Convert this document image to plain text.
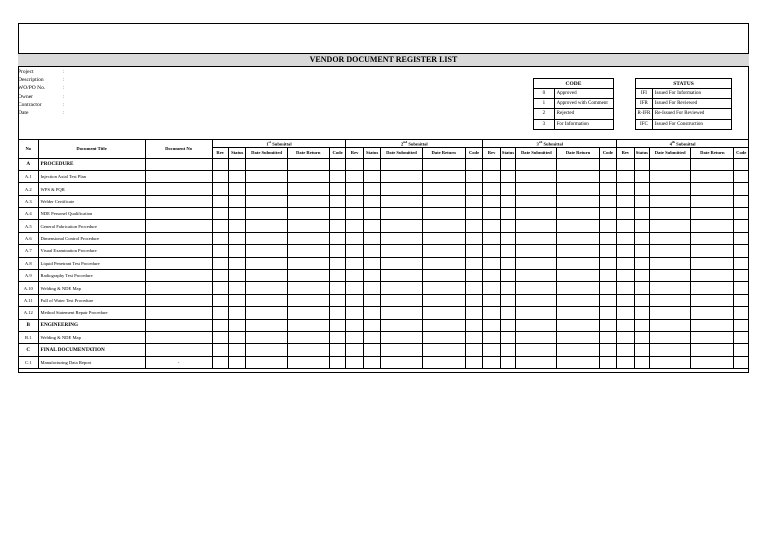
VENDOR DOCUMENT REGISTER LIST
Project	:
Description	:
WO/PO No.	:
Owner	:
Contractor	:
Date	:
CODE	
0	Approved
1	Approved with Comment
2	Rejected
3	For Information
STATUS	
IFI	Issued For Information
IFR	Issued For Reviewed
R-IFR	Re-Issued For Reviewed
IFC	Issued For Construction
No	Document Title	Document No	1st Submittal					2nd Submittal					3rd Submittal					4th Submittal				
			Rev	Status	Date Submitted	Date Return	Code	Rev	Status	Date Submitted	Date Return	Code	Rev	Status	Date Submitted	Date Return	Code	Rev	Status	Date Submitted	Date Return	Code
A	PROCEDURE																					
A.1	Injection Axial Test Plan																					
A.2	WPS & PQR																					
A.3	Welder Certificate																					
A.4	NDE Personel Qualification																					
A.5	General Fabrication Procedure																					
A.6	Dimensional Control Procedure																					
A.7	Visual Examination Procedure																					
A.8	Liquid Penetrant Test Procedure																					
A.9	Radiography Test Procedure																					
A.10	Welding & NDE Map																					
A.11	Full of Water Test Procedure																					
A.12	Method Statement Repair Procedure																					
B	ENGINEERING																					
B.1	Welding & NDE Map																					
C	FINAL DOCUMENTATION																					
C.1	Manufacturing Data Report	-																				
